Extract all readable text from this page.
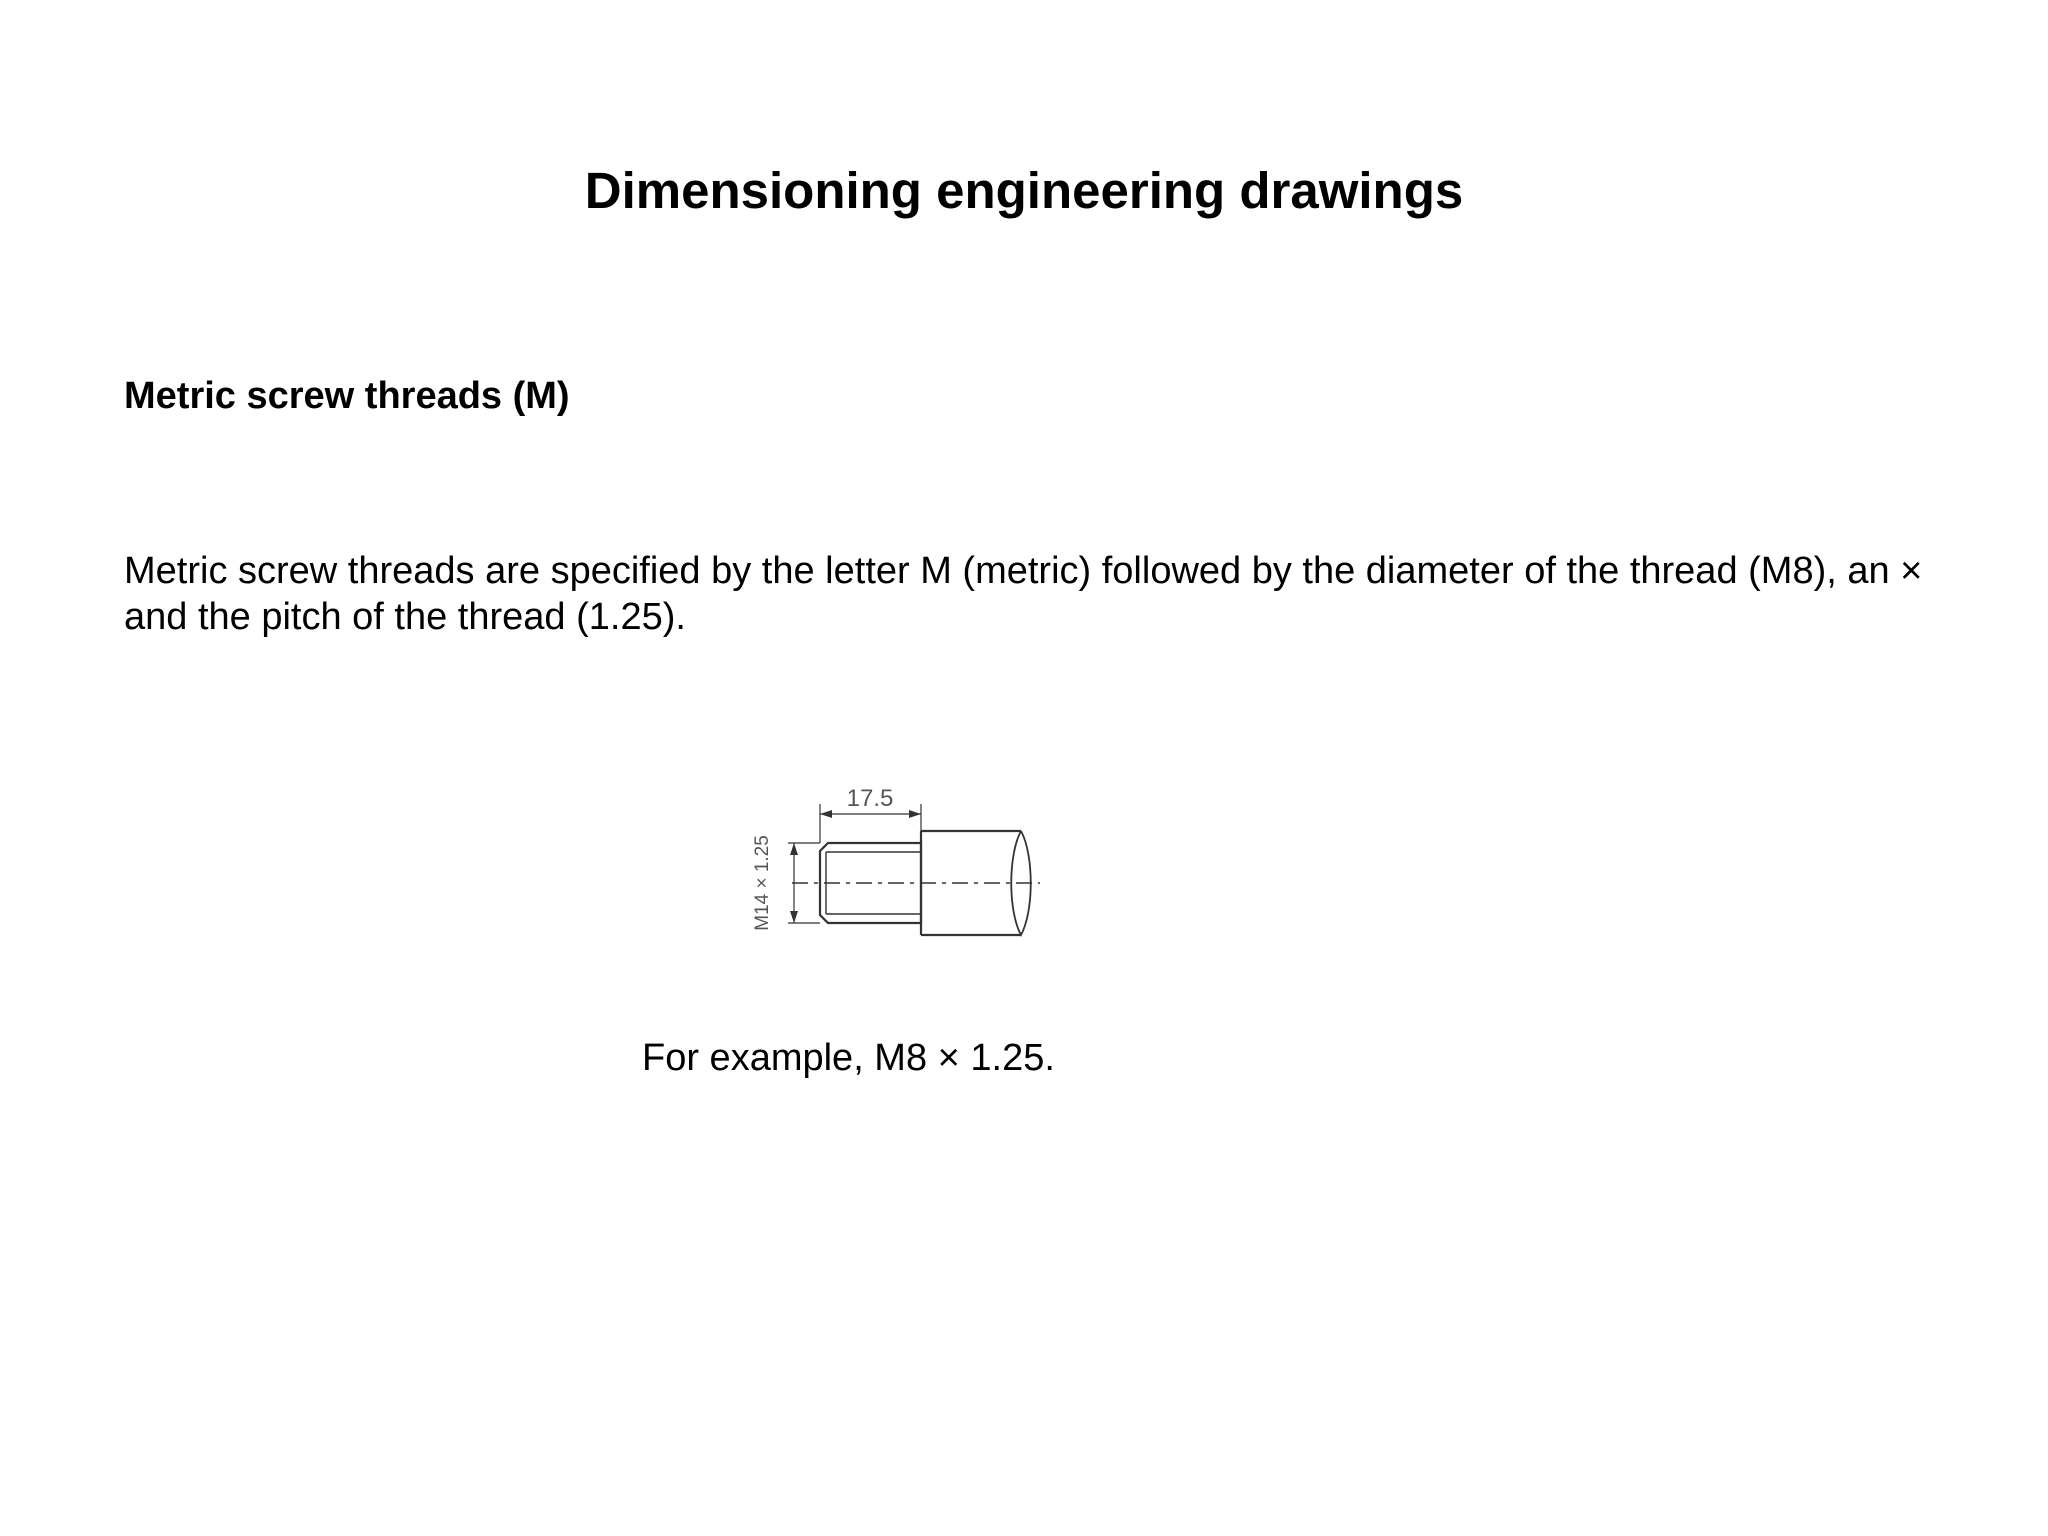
Dimensioning engineering drawings
Metric screw threads (M)

Metric screw threads are specified by the letter M (metric) followed by the diameter of the thread (M8), an × and the pitch of the thread (1.25).

17.5
M14 × 1.25

For example, M8 × 1.25.
